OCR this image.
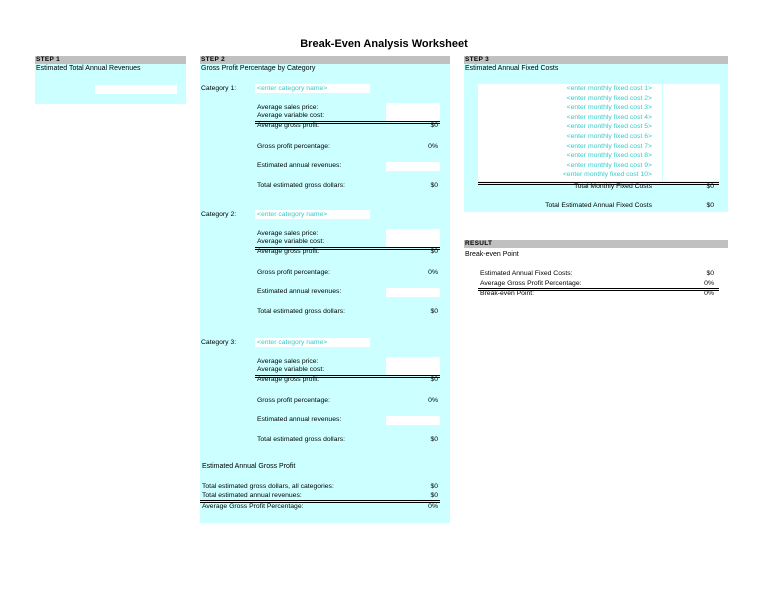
Break-Even Analysis Worksheet
STEP 1
Estimated Total Annual Revenues
STEP 2
Gross Profit Percentage by Category
Category 1:	<enter category name>
Average sales price:
Average variable cost:
Average gross profit:	$0
Gross profit percentage:	0%
Estimated annual revenues:
Total estimated gross dollars:	$0
Category 2:	<enter category name>
Average sales price:
Average variable cost:
Average gross profit:	$0
Gross profit percentage:	0%
Estimated annual revenues:
Total estimated gross dollars:	$0
Category 3:	<enter category name>
Average sales price:
Average variable cost:
Average gross profit:	$0
Gross profit percentage:	0%
Estimated annual revenues:
Total estimated gross dollars:	$0
Estimated Annual Gross Profit
Total estimated gross dollars, all categories:	$0
Total estimated annual revenues:	$0
Average Gross Profit Percentage:	0%
STEP 3
Estimated Annual Fixed Costs
<enter monthly fixed cost 1>
<enter monthly fixed cost 2>
<enter monthly fixed cost 3>
<enter monthly fixed cost 4>
<enter monthly fixed cost 5>
<enter monthly fixed cost 6>
<enter monthly fixed cost 7>
<enter monthly fixed cost 8>
<enter monthly fixed cost 9>
<enter monthly fixed cost 10>
Total Monthly Fixed Costs	$0
Total Estimated Annual Fixed Costs	$0
RESULT
Break-even Point
Estimated Annual Fixed Costs:	$0
Average Gross Profit Percentage:	0%
Break-even Point:	0%
